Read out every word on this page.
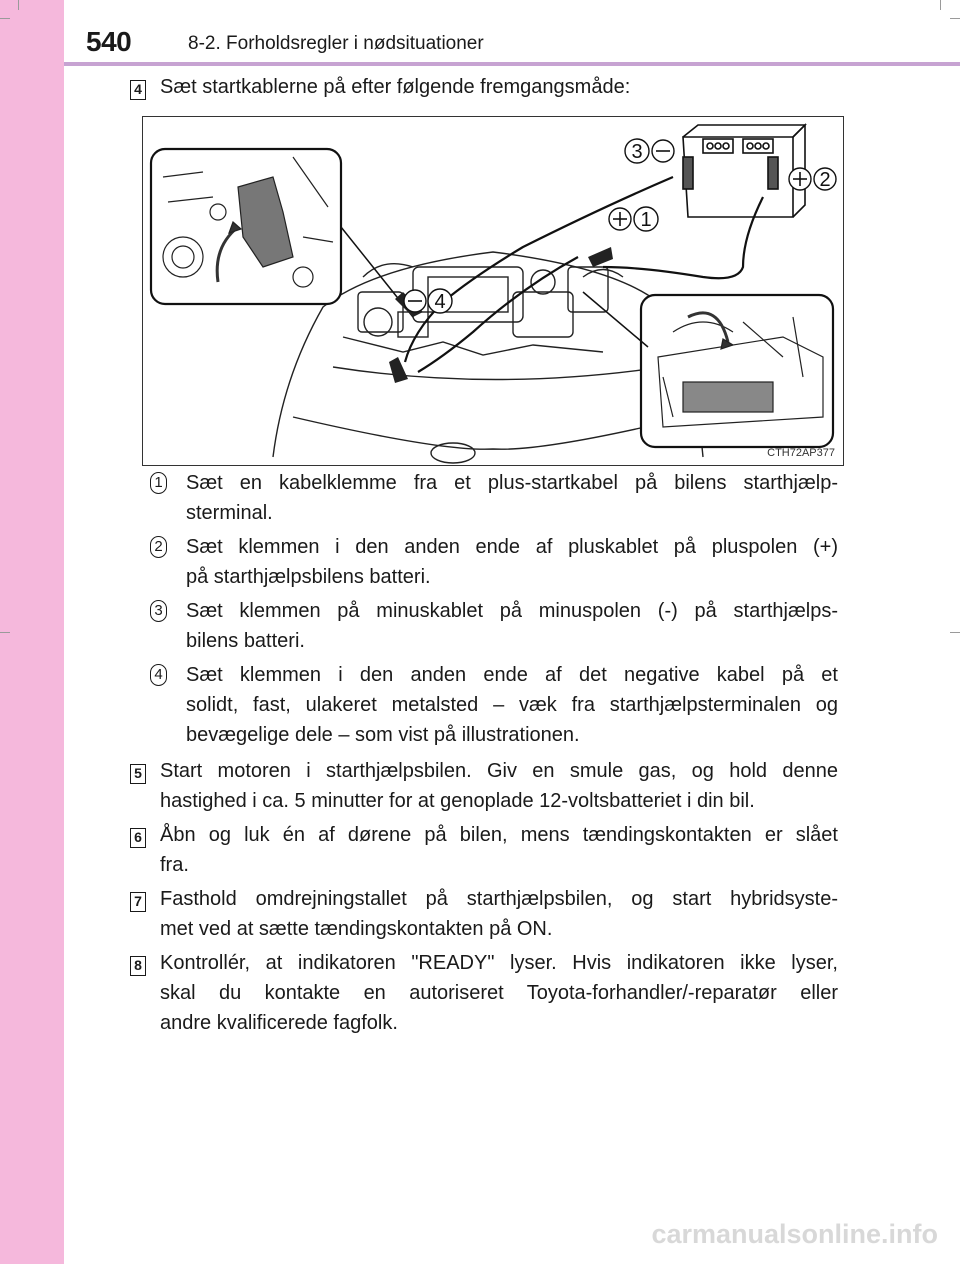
540	8-2. Forholdsregler i nødsituationer
4 Sæt startkablerne på efter følgende fremgangsmåde:
3
2
1
4
CTH72AP377
1 Sæt en kabelklemme fra et plus-startkabel på bilens starthjælp-
sterminal.
2 Sæt klemmen i den anden ende af pluskablet på pluspolen (+)
på starthjælpsbilens batteri.
3 Sæt klemmen på minuskablet på minuspolen (-) på starthjælps-
bilens batteri.
4 Sæt klemmen i den anden ende af det negative kabel på et
solidt, fast, ulakeret metalsted – væk fra starthjælpsterminalen og
bevægelige dele – som vist på illustrationen.
5 Start motoren i starthjælpsbilen. Giv en smule gas, og hold denne
hastighed i ca. 5 minutter for at genoplade 12-voltsbatteriet i din bil.
6 Åbn og luk én af dørene på bilen, mens tændingskontakten er slået
fra.
7 Fasthold omdrejningstallet på starthjælpsbilen, og start hybridsyste-
met ved at sætte tændingskontakten på ON.
8 Kontrollér, at indikatoren "READY" lyser. Hvis indikatoren ikke lyser,
skal du kontakte en autoriseret Toyota-forhandler/-reparatør eller
andre kvalificerede fagfolk.
carmanualsonline.info
